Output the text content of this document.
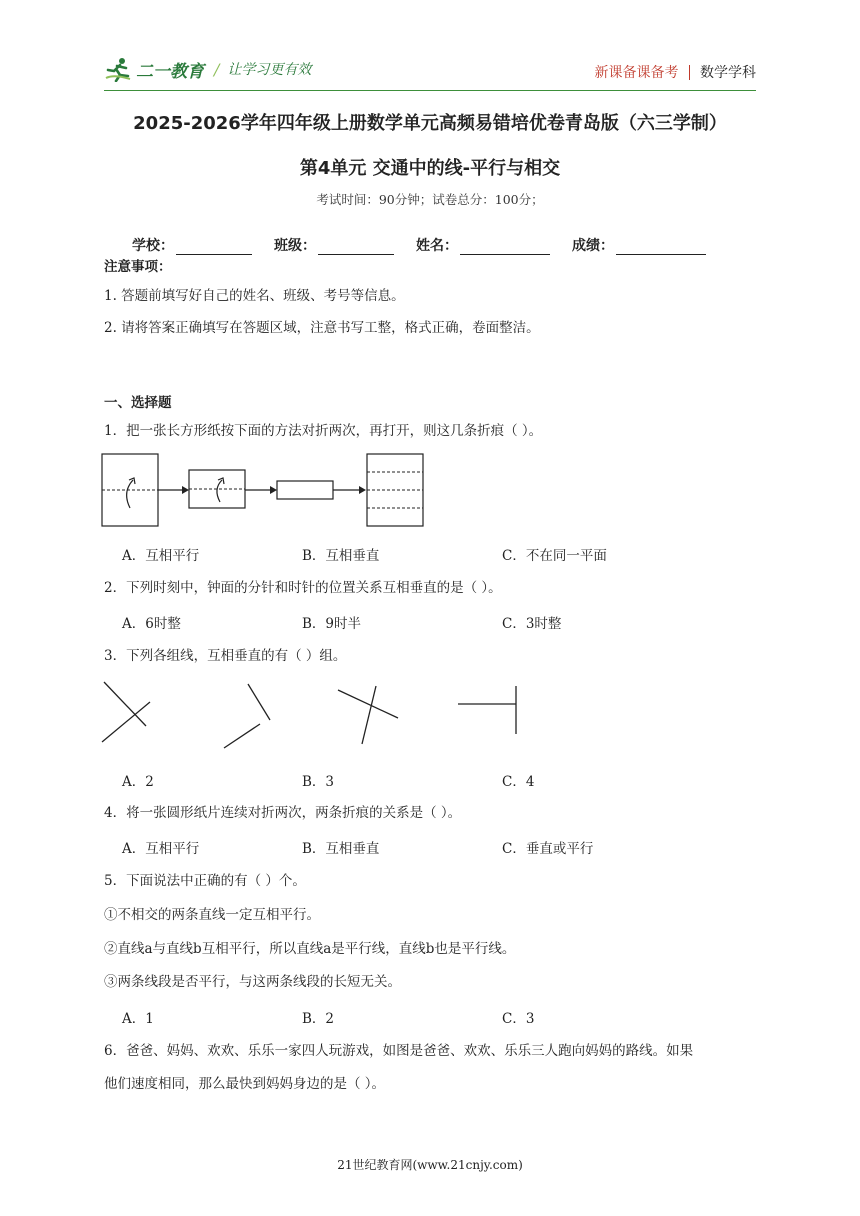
二一教育 / 让学习更有效	新课备课备考 数学学科
2025-2026学年四年级上册数学单元高频易错培优卷青岛版（六三学制）
第4单元 交通中的线-平行与相交
考试时间：90分钟；试卷总分：100分；
学校：	班级：	姓名：	成绩：
注意事项：
1. 答题前填写好自己的姓名、班级、考号等信息。
2. 请将答案正确填写在答题区域，注意书写工整，格式正确，卷面整洁。
一、选择题
1．把一张长方形纸按下面的方法对折两次，再打开，则这几条折痕（ ）。
A．互相平行	B．互相垂直	C．不在同一平面
2．下列时刻中，钟面的分针和时针的位置关系互相垂直的是（ ）。
A．6时整	B．9时半	C．3时整
3．下列各组线，互相垂直的有（ ）组。
A．2	B．3	C．4
4．将一张圆形纸片连续对折两次，两条折痕的关系是（ ）。
A．互相平行	B．互相垂直	C．垂直或平行
5．下面说法中正确的有（ ）个。
①不相交的两条直线一定互相平行。
②直线a与直线b互相平行，所以直线a是平行线，直线b也是平行线。
③两条线段是否平行，与这两条线段的长短无关。
A．1	B．2	C．3
6．爸爸、妈妈、欢欢、乐乐一家四人玩游戏，如图是爸爸、欢欢、乐乐三人跑向妈妈的路线。如果
他们速度相同，那么最快到妈妈身边的是（ ）。
21世纪教育网(www.21cnjy.com)
